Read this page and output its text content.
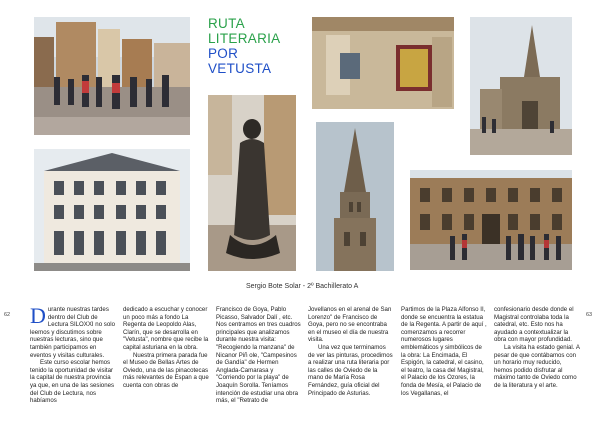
RUTA
LITERARIA
POR
VETUSTA
Sergio Bote Solar - 2º Bachillerato A
62	63

Durante nuestras tardes dentro del Club de Lectura SILOXXI no solo leemos y discutimos sobre nuestras lecturas, sino que también participamos en eventos y visitas culturales.

Este curso escolar hemos tenido la oportunidad de visitar la capital de nuestra provincia ya que, en una de las sesiones del Club de Lectura, nos habíamos

dedicado a escuchar y conocer un poco más a fondo La Regenta de Leopoldo Alas, Clarín, que se desarrolla en "Vetusta", nombre que recibe la capital asturiana en la obra.

Nuestra primera parada fue el Museo de Bellas Artes de Oviedo, una de las pinacotecas más relevantes de Espan a que cuenta con obras de

Francisco de Goya, Pablo Picasso, Salvador Dalí , etc. Nos centramos en tres cuadros principales que analizamos durante nuestra visita: "Recogiendo la manzana" de Nicanor Piñ ole, "Campesinos de Gandía" de Hermen Anglada-Camarasa y "Corriendo por la playa" de Joaquín Sorolla. Teníamos intención de estudiar una obra más, el "Retrato de

Jovellanos en el arenal de San Lorenzo" de Francisco de Goya, pero no se encontraba en el museo el día de nuestra visita.

Una vez que terminamos de ver las pinturas, procedimos a realizar una ruta literaria por las calles de Oviedo de la mano de María Rosa Fernández, guía oficial del Principado de Asturias.

Partimos de la Plaza Alfonso II, donde se encuentra la estatua de la Regenta. A partir de aquí , comenzamos a recorrer numerosos lugares emblemáticos y simbólicos de la obra: La Encimada, El Espigón, la catedral, el casino, el teatro, la casa del Magistral, el Palacio de los Ozores, la fonda de Mesía, el Palacio de los Vegallanas, el

confesionario desde donde el Magistral controlaba toda la catedral, etc. Esto nos ha ayudado a contextualizar la obra con mayor profundidad.

La visita ha estado genial. A pesar de que contábamos con un horario muy reducido, hemos podido disfrutar al máximo tanto de Oviedo como de la literatura y el arte.
